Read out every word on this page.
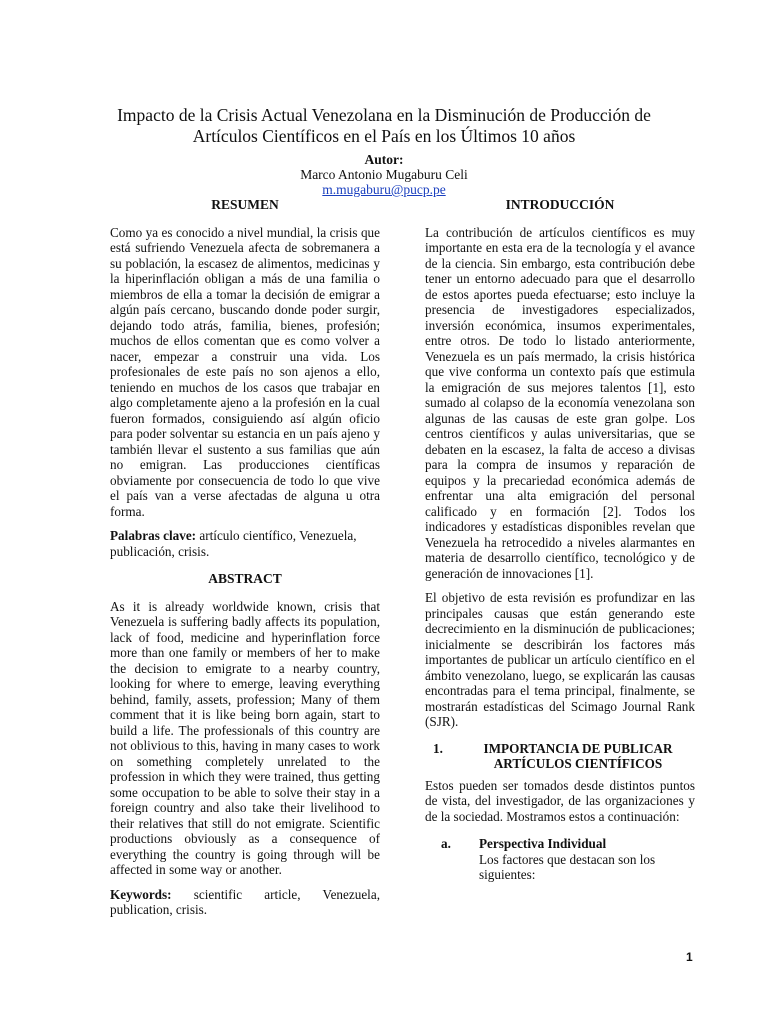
Impacto de la Crisis Actual Venezolana en la Disminución de Producción de Artículos Científicos en el País en los Últimos 10 años
Autor:
Marco Antonio Mugaburu Celi
m.mugaburu@pucp.pe
RESUMEN

Como ya es conocido a nivel mundial, la crisis que está sufriendo Venezuela afecta de sobremanera a su población, la escasez de alimentos, medicinas y la hiperinflación obligan a más de una familia o miembros de ella a tomar la decisión de emigrar a algún país cercano, buscando donde poder surgir, dejando todo atrás, familia, bienes, profesión; muchos de ellos comentan que es como volver a nacer, empezar a construir una vida. Los profesionales de este país no son ajenos a ello, teniendo en muchos de los casos que trabajar en algo completamente ajeno a la profesión en la cual fueron formados, consiguiendo así algún oficio para poder solventar su estancia en un país ajeno y también llevar el sustento a sus familias que aún no emigran. Las producciones científicas obviamente por consecuencia de todo lo que vive el país van a verse afectadas de alguna u otra forma.

Palabras clave: artículo científico, Venezuela, publicación, crisis.

ABSTRACT

As it is already worldwide known, crisis that Venezuela is suffering badly affects its population, lack of food, medicine and hyperinflation force more than one family or members of her to make the decision to emigrate to a nearby country, looking for where to emerge, leaving everything behind, family, assets, profession; Many of them comment that it is like being born again, start to build a life. The professionals of this country are not oblivious to this, having in many cases to work on something completely unrelated to the profession in which they were trained, thus getting some occupation to be able to solve their stay in a foreign country and also take their livelihood to their relatives that still do not emigrate. Scientific productions obviously as a consequence of everything the country is going through will be affected in some way or another.

Keywords: scientific article, Venezuela, publication, crisis.

INTRODUCCIÓN

La contribución de artículos científicos es muy importante en esta era de la tecnología y el avance de la ciencia. Sin embargo, esta contribución debe tener un entorno adecuado para que el desarrollo de estos aportes pueda efectuarse; esto incluye la presencia de investigadores especializados, inversión económica, insumos experimentales, entre otros. De todo lo listado anteriormente, Venezuela es un país mermado, la crisis histórica que vive conforma un contexto país que estimula la emigración de sus mejores talentos [1], esto sumado al colapso de la economía venezolana son algunas de las causas de este gran golpe. Los centros científicos y aulas universitarias, que se debaten en la escasez, la falta de acceso a divisas para la compra de insumos y reparación de equipos y la precariedad económica además de enfrentar una alta emigración del personal calificado y en formación [2]. Todos los indicadores y estadísticas disponibles revelan que Venezuela ha retrocedido a niveles alarmantes en materia de desarrollo científico, tecnológico y de generación de innovaciones [1].

El objetivo de esta revisión es profundizar en las principales causas que están generando este decrecimiento en la disminución de publicaciones; inicialmente se describirán los factores más importantes de publicar un artículo científico en el ámbito venezolano, luego, se explicarán las causas encontradas para el tema principal, finalmente, se mostrarán estadísticas del Scimago Journal Rank (SJR).

1.	IMPORTANCIA DE PUBLICAR ARTÍCULOS CIENTÍFICOS

Estos pueden ser tomados desde distintos puntos de vista, del investigador, de las organizaciones y de la sociedad. Mostramos estos a continuación:

a.	Perspectiva Individual
Los factores que destacan son los siguientes:
1
